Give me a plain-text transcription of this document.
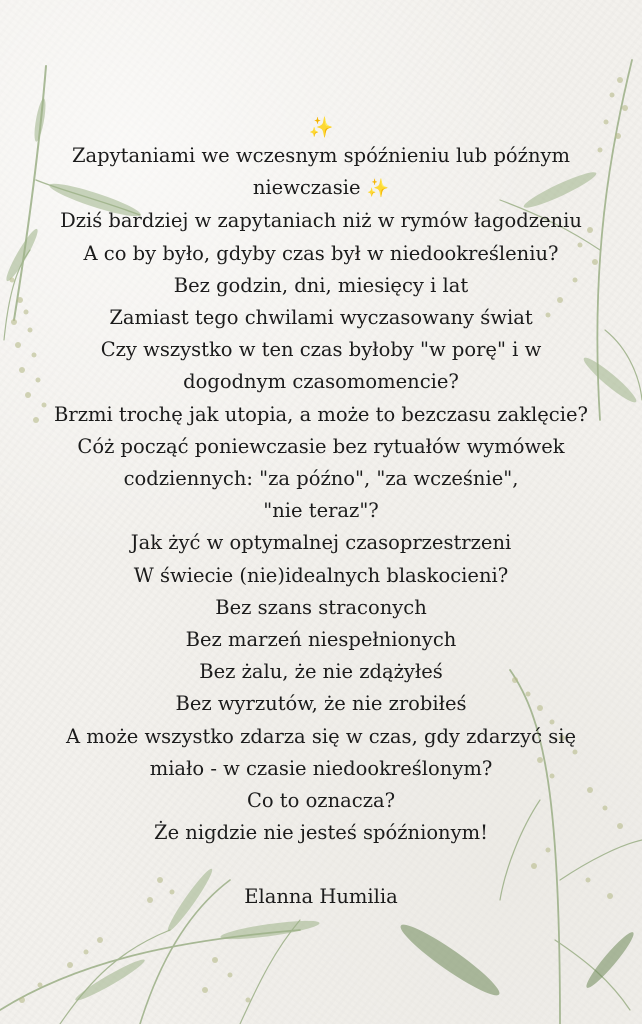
✨
Zapytaniami we wczesnym spóźnieniu lub późnym
niewczasie ✨
Dziś bardziej w zapytaniach niż w rymów łagodzeniu
A co by było, gdyby czas był w niedookreśleniu?
Bez godzin, dni, miesięcy i lat
Zamiast tego chwilami wyczasowany świat
Czy wszystko w ten czas byłoby "w porę" i w
dogodnym czasomomencie?
Brzmi trochę jak utopia, a może to bezczasu zaklęcie?
Cóż począć poniewczasie bez rytuałów wymówek
codziennych: "za późno", "za wcześnie",
"nie teraz"?
Jak żyć w optymalnej czasoprzestrzeni
W świecie (nie)idealnych blaskocieni?
Bez szans straconych
Bez marzeń niespełnionych
Bez żalu, że nie zdążyłeś
Bez wyrzutów, że nie zrobiłeś
A może wszystko zdarza się w czas, gdy zdarzyć się
miało - w czasie niedookreślonym?
Co to oznacza?
Że nigdzie nie jesteś spóźnionym!
Elanna Humilia
